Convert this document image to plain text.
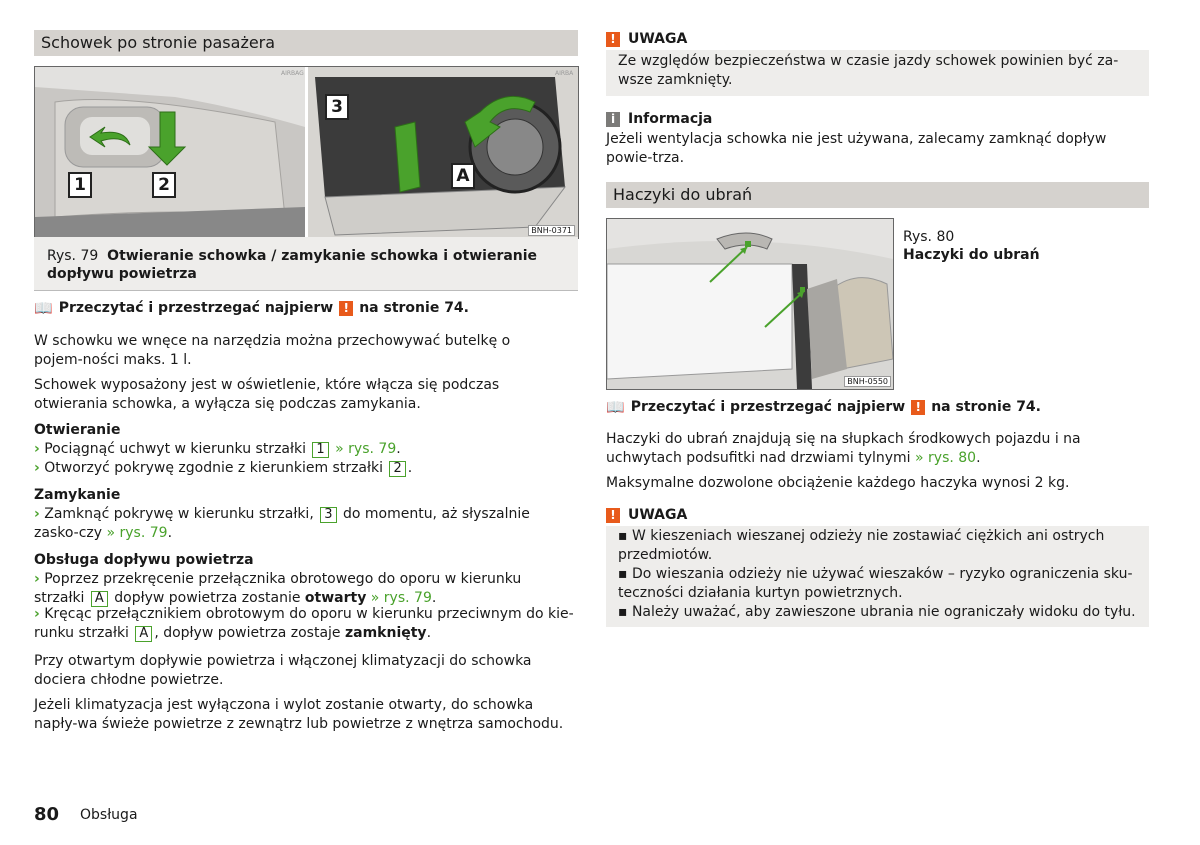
Schowek po stronie pasażera
AIRBAG	AIRBA
1	2
3
A
BNH-0371
Rys. 79 Otwieranie schowka / zamykanie schowka i otwieranie dopływu powietrza
📖 Przeczytać i przestrzegać najpierw ! na stronie 74.

W schowku we wnęce na narzędzia można przechowywać butelkę o pojem-ności maks. 1 l.

Schowek wyposażony jest w oświetlenie, które włącza się podczas otwierania schowka, a wyłącza się podczas zamykania.

Otwieranie
› Pociągnąć uchwyt w kierunku strzałki 1 » rys. 79.
› Otworzyć pokrywę zgodnie z kierunkiem strzałki 2 .
Zamykanie
› Zamknąć pokrywę w kierunku strzałki, 3 do momentu, aż słyszalnie zasko-czy » rys. 79.
Obsługa dopływu powietrza
› Poprzez przekręcenie przełącznika obrotowego do oporu w kierunku strzałki A dopływ powietrza zostanie otwarty » rys. 79.
› Kręcąc przełącznikiem obrotowym do oporu w kierunku przeciwnym do kie-runku strzałki A , dopływ powietrza zostaje zamknięty.

Przy otwartym dopływie powietrza i włączonej klimatyzacji do schowka dociera chłodne powietrze.

Jeżeli klimatyzacja jest wyłączona i wylot zostanie otwarty, do schowka napły-wa świeże powietrze z zewnątrz lub powietrze z wnętrza samochodu.

! UWAGA
Ze względów bezpieczeństwa w czasie jazdy schowek powinien być za-wsze zamknięty.
i Informacja

Jeżeli wentylacja schowka nie jest używana, zalecamy zamknąć dopływ powie-trza.

Haczyki do ubrań
BNH-0550
Rys. 80
Haczyki do ubrań
📖 Przeczytać i przestrzegać najpierw ! na stronie 74.

Haczyki do ubrań znajdują się na słupkach środkowych pojazdu i na uchwytach podsufitki nad drzwiami tylnymi » rys. 80.

Maksymalne dozwolone obciążenie każdego haczyka wynosi 2 kg.

! UWAGA
▪ W kieszeniach wieszanej odzieży nie zostawiać ciężkich ani ostrych przedmiotów.
▪ Do wieszania odzieży nie używać wieszaków – ryzyko ograniczenia sku-teczności działania kurtyn powietrznych.
▪ Należy uważać, aby zawieszone ubrania nie ograniczały widoku do tyłu.
80 Obsługa
